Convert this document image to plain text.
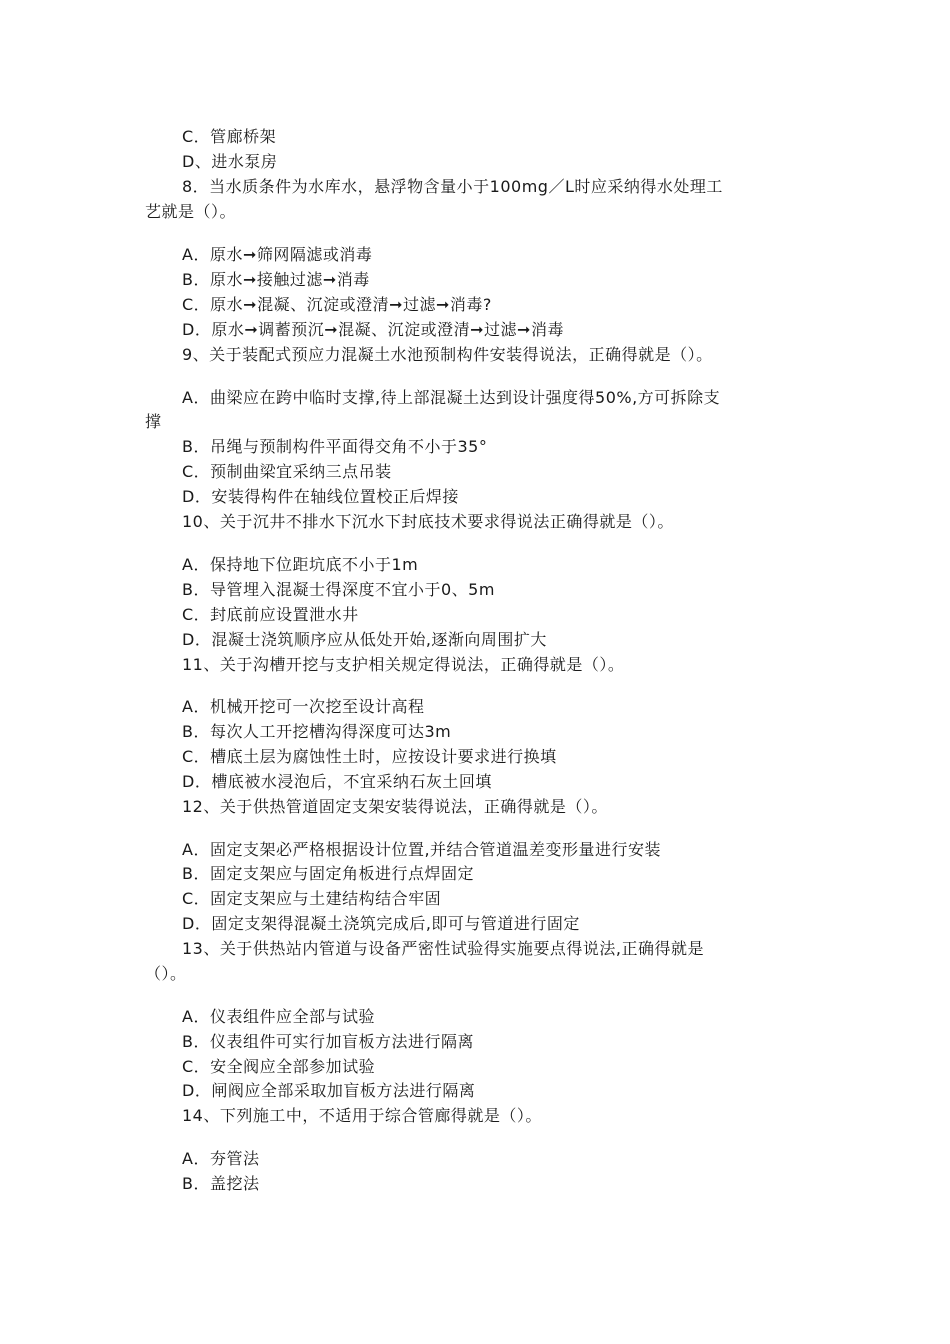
C．管廊桥架
D、进水泵房
8．当水质条件为水库水，悬浮物含量小于100mg／L时应采纳得水处理工
艺就是（）。
A．原水➞筛网隔滤或消毒
B．原水➞接触过滤➞消毒
C．原水➞混凝、沉淀或澄清➞过滤➞消毒?
D．原水➞调蓄预沉➞混凝、沉淀或澄清➞过滤➞消毒
9、关于装配式预应力混凝土水池预制构件安装得说法，正确得就是（）。
A．曲梁应在跨中临时支撑,待上部混凝土达到设计强度得50%,方可拆除支
撑
B．吊绳与预制构件平面得交角不小于35°
C．预制曲梁宜采纳三点吊装
D．安装得构件在轴线位置校正后焊接
10、关于沉井不排水下沉水下封底技术要求得说法正确得就是（）。
A．保持地下位距坑底不小于1m
B．导管埋入混凝士得深度不宜小于0、5m
C．封底前应设置泄水井
D．混凝士浇筑顺序应从低处开始,逐渐向周围扩大
11、关于沟槽开挖与支护相关规定得说法，正确得就是（）。
A．机械开挖可一次挖至设计高程
B．每次人工开挖槽沟得深度可达3m
C．槽底土层为腐蚀性土时，应按设计要求进行换填
D．槽底被水浸泡后，不宜采纳石灰土回填
12、关于供热管道固定支架安装得说法，正确得就是（）。
A．固定支架必严格根据设计位置,并结合管道温差变形量进行安装
B．固定支架应与固定角板进行点焊固定
C．固定支架应与土建结构结合牢固
D．固定支架得混凝土浇筑完成后,即可与管道进行固定
13、关于供热站内管道与设备严密性试验得实施要点得说法,正确得就是
（）。
A．仪表组件应全部与试验
B．仪表组件可实行加盲板方法进行隔离
C．安全阀应全部参加试验
D．闸阀应全部采取加盲板方法进行隔离
14、下列施工中，不适用于综合管廊得就是（）。
A．夯管法
B．盖挖法
